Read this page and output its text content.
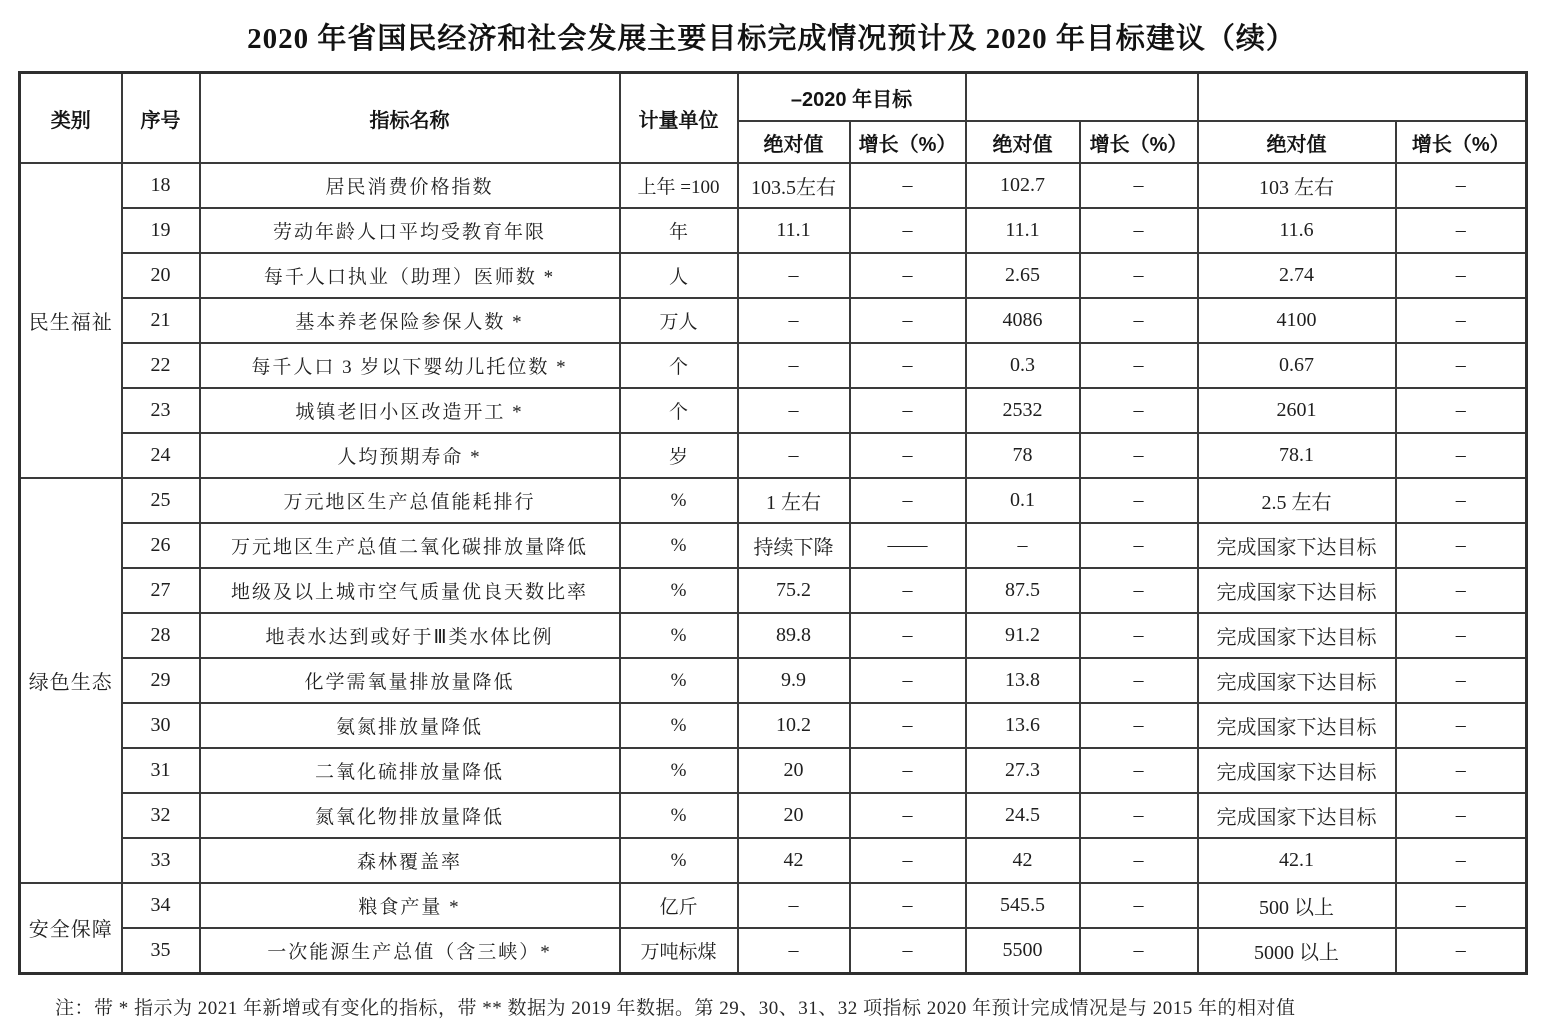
2020 年省国民经济和社会发展主要目标完成情况预计及 2020 年目标建议（续）
类别	序号	指标名称	计量单位	–2020 年目标					
				绝对值	增长（%）	绝对值	增长（%）	绝对值	增长（%）
民生福祉	18	居民消费价格指数	上年 =100	103.5左右	–	102.7	–	103 左右	–
	19	劳动年龄人口平均受教育年限	年	11.1	–	11.1	–	11.6	–
	20	每千人口执业（助理）医师数 *	人	–	–	2.65	–	2.74	–
	21	基本养老保险参保人数 *	万人	–	–	4086	–	4100	–
	22	每千人口 3 岁以下婴幼儿托位数 *	个	–	–	0.3	–	0.67	–
	23	城镇老旧小区改造开工 *	个	–	–	2532	–	2601	–
	24	人均预期寿命 *	岁	–	–	78	–	78.1	–
绿色生态	25	万元地区生产总值能耗排行	%	1 左右	–	0.1	–	2.5 左右	–
	26	万元地区生产总值二氧化碳排放量降低	%	持续下降	——	–	–	完成国家下达目标	–
	27	地级及以上城市空气质量优良天数比率	%	75.2	–	87.5	–	完成国家下达目标	–
	28	地表水达到或好于Ⅲ类水体比例	%	89.8	–	91.2	–	完成国家下达目标	–
	29	化学需氧量排放量降低	%	9.9	–	13.8	–	完成国家下达目标	–
	30	氨氮排放量降低	%	10.2	–	13.6	–	完成国家下达目标	–
	31	二氧化硫排放量降低	%	20	–	27.3	–	完成国家下达目标	–
	32	氮氧化物排放量降低	%	20	–	24.5	–	完成国家下达目标	–
	33	森林覆盖率	%	42	–	42	–	42.1	–
安全保障	34	粮食产量 *	亿斤	–	–	545.5	–	500 以上	–
	35	一次能源生产总值（含三峡）*	万吨标煤	–	–	5500	–	5000 以上	–

注：带 * 指示为 2021 年新增或有变化的指标，带 ** 数据为 2019 年数据。第 29、30、31、32 项指标 2020 年预计完成情况是与 2015 年的相对值
